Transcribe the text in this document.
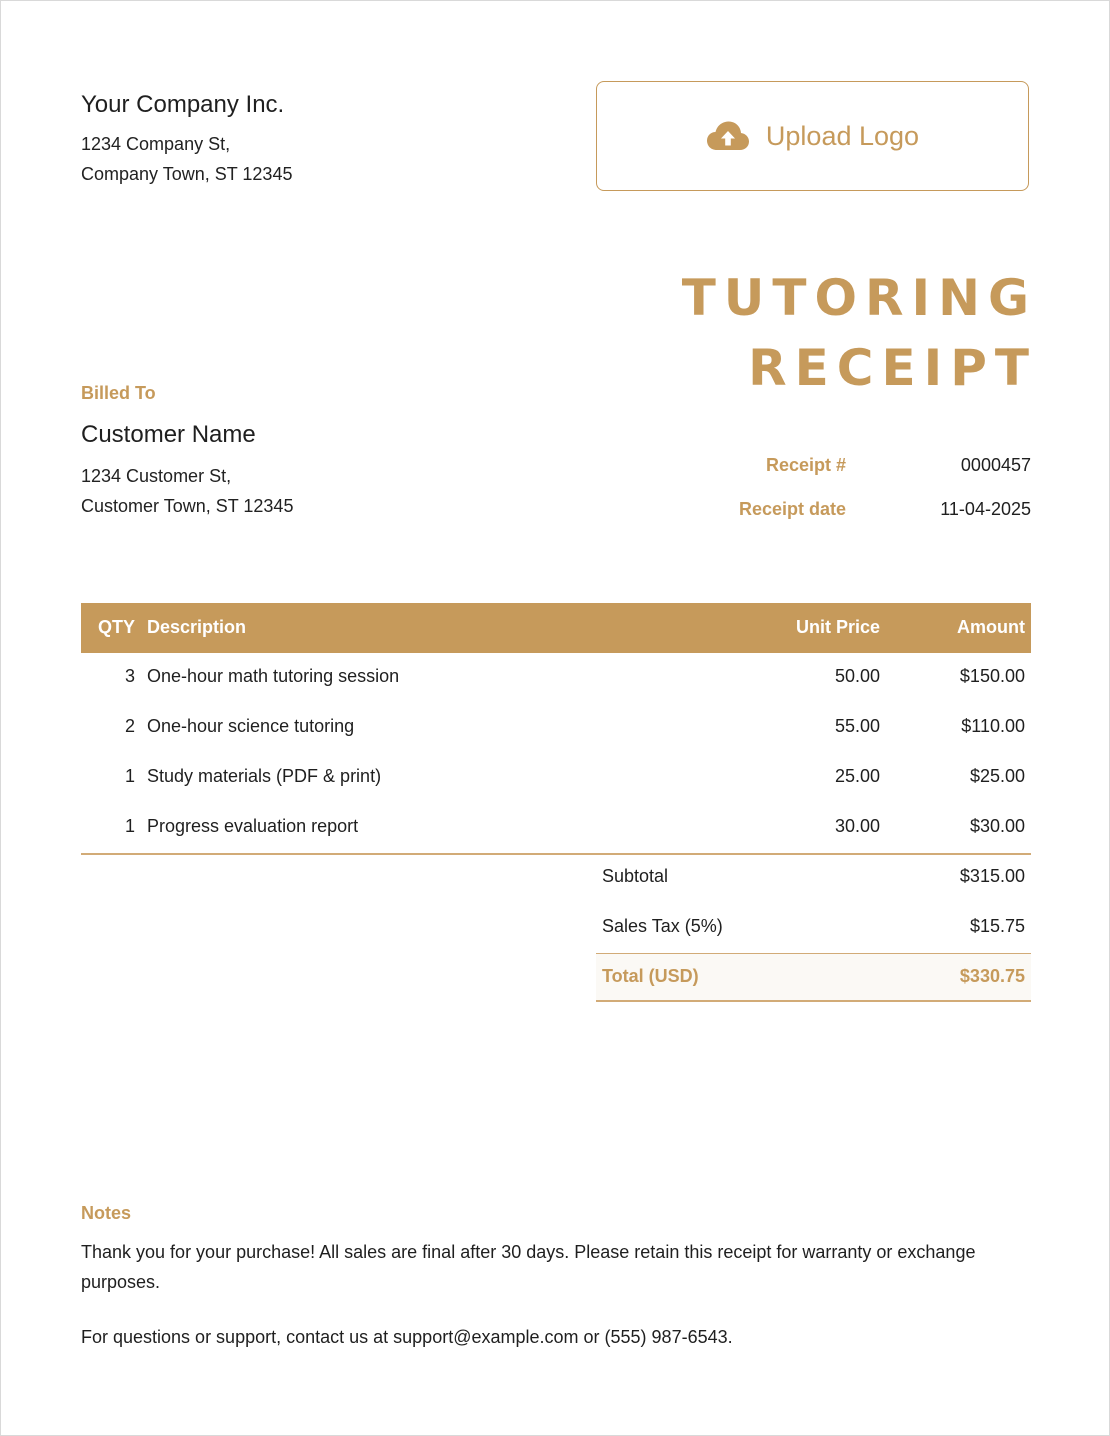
Your Company Inc.
1234 Company St,
Company Town, ST 12345
Upload Logo
TUTORING
RECEIPT
Billed To
Customer Name
1234 Customer St,
Customer Town, ST 12345
Receipt #	0000457
Receipt date	11-04-2025
QTY Description	Unit Price	Amount
3 One-hour math tutoring session	50.00	$150.00
2 One-hour science tutoring	55.00	$110.00
1 Study materials (PDF & print)	25.00	$25.00
1 Progress evaluation report	30.00	$30.00
Subtotal	$315.00
Sales Tax (5%)	$15.75
Total (USD)	$330.75
Notes
Thank you for your purchase! All sales are final after 30 days. Please retain this receipt for warranty or exchange purposes.
For questions or support, contact us at support@example.com or (555) 987-6543.
